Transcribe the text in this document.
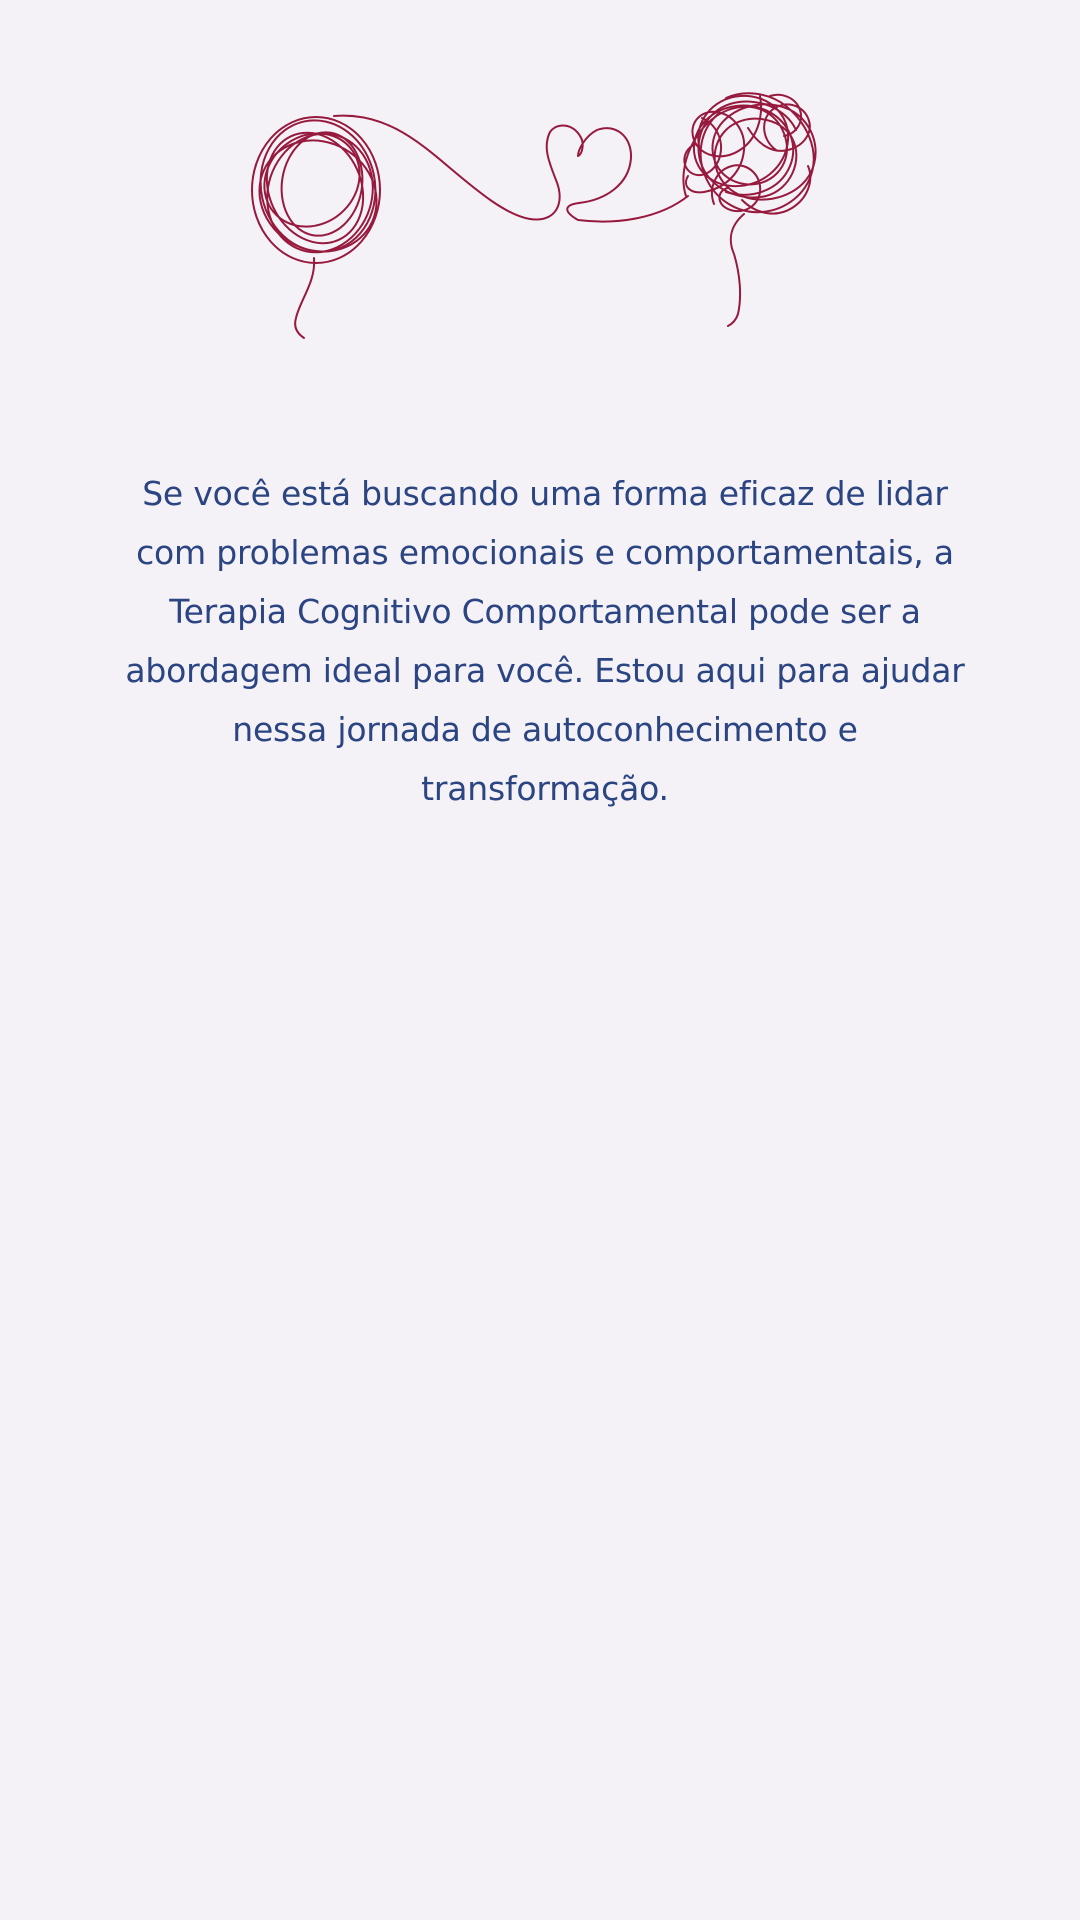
Se você está buscando uma forma eficaz de lidar com problemas emocionais e comportamentais, a Terapia Cognitivo Comportamental pode ser a abordagem ideal para você. Estou aqui para ajudar nessa jornada de autoconhecimento e transformação.
